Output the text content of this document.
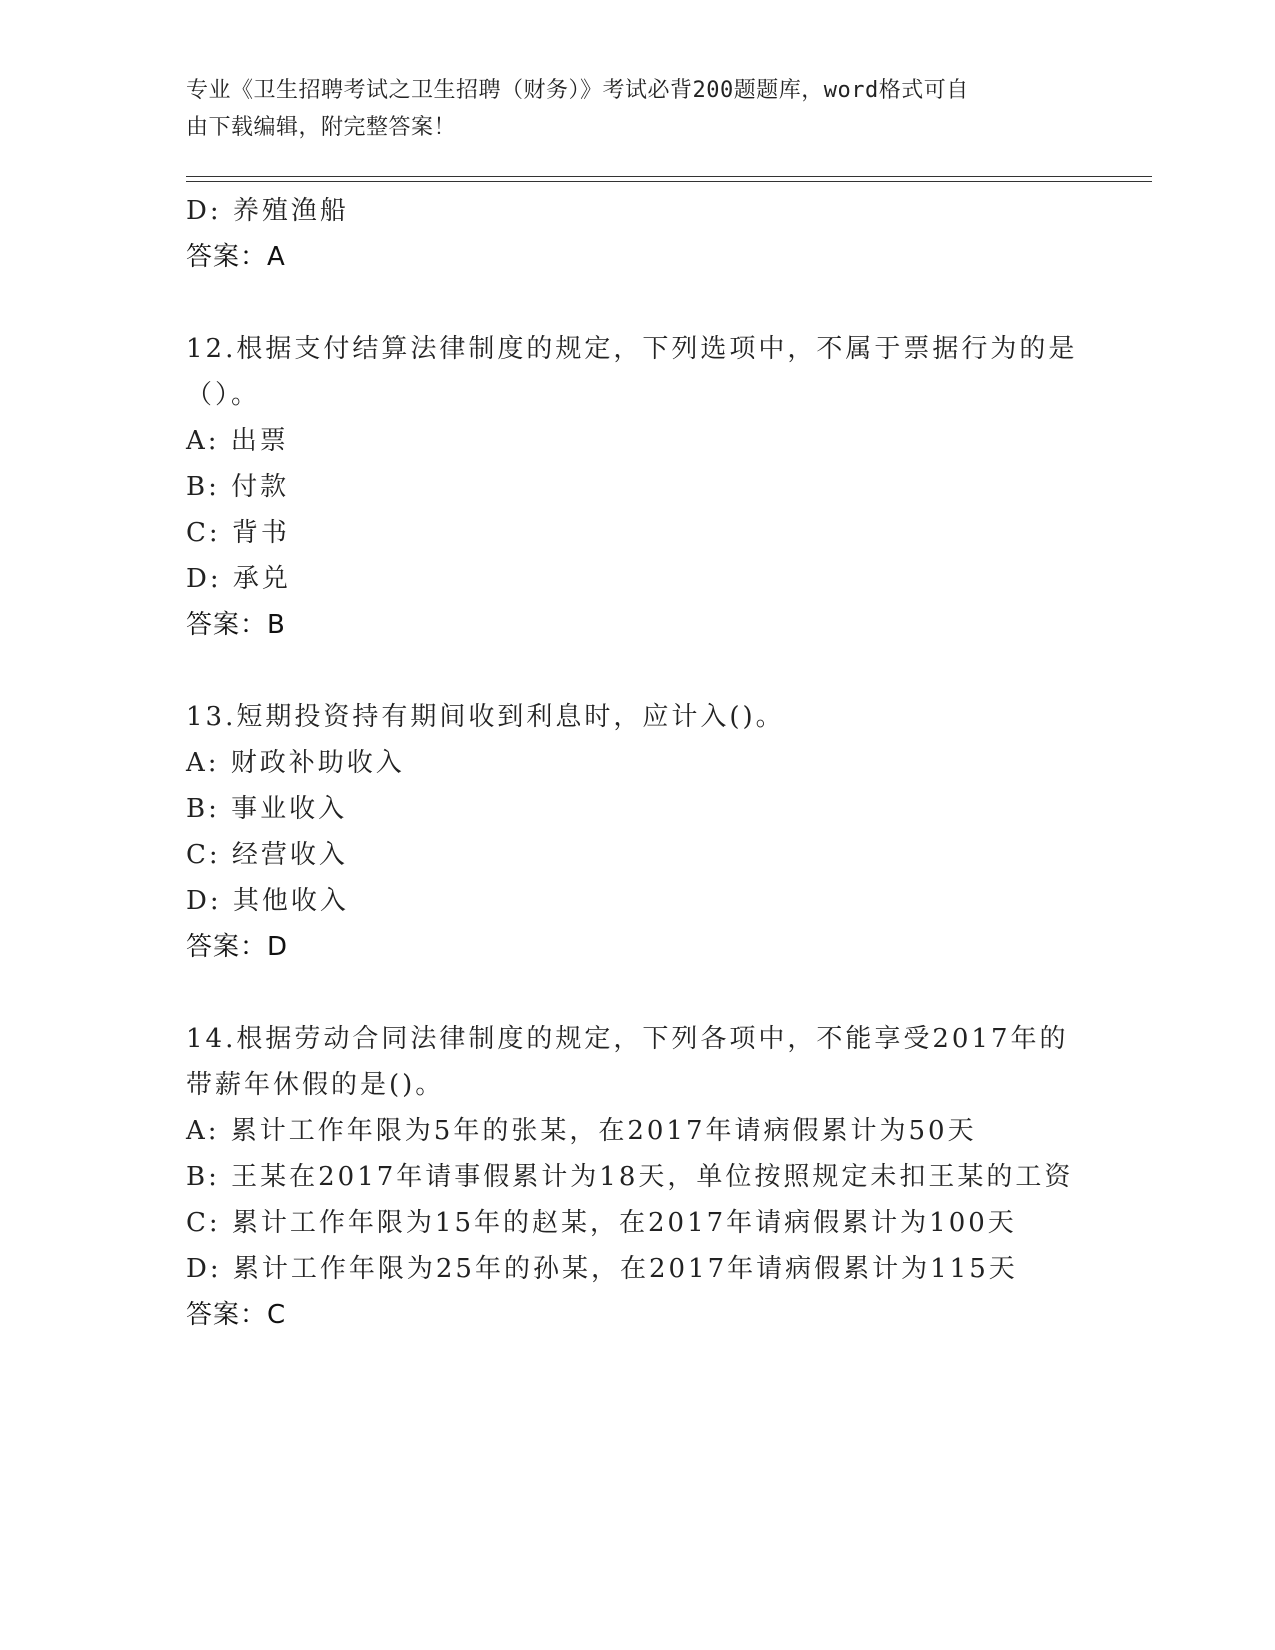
专业《卫生招聘考试之卫生招聘（财务）》考试必背200题题库，word格式可自
由下载编辑，附完整答案！
D: 养殖渔船
答案：A
12.根据支付结算法律制度的规定，下列选项中，不属于票据行为的是
（）。
A: 出票
B: 付款
C: 背书
D: 承兑
答案：B
13.短期投资持有期间收到利息时，应计入()。
A: 财政补助收入
B: 事业收入
C: 经营收入
D: 其他收入
答案：D
14.根据劳动合同法律制度的规定，下列各项中，不能享受2017年的
带薪年休假的是()。
A: 累计工作年限为5年的张某，在2017年请病假累计为50天
B: 王某在2017年请事假累计为18天，单位按照规定未扣王某的工资
C: 累计工作年限为15年的赵某，在2017年请病假累计为100天
D: 累计工作年限为25年的孙某，在2017年请病假累计为115天
答案：C
